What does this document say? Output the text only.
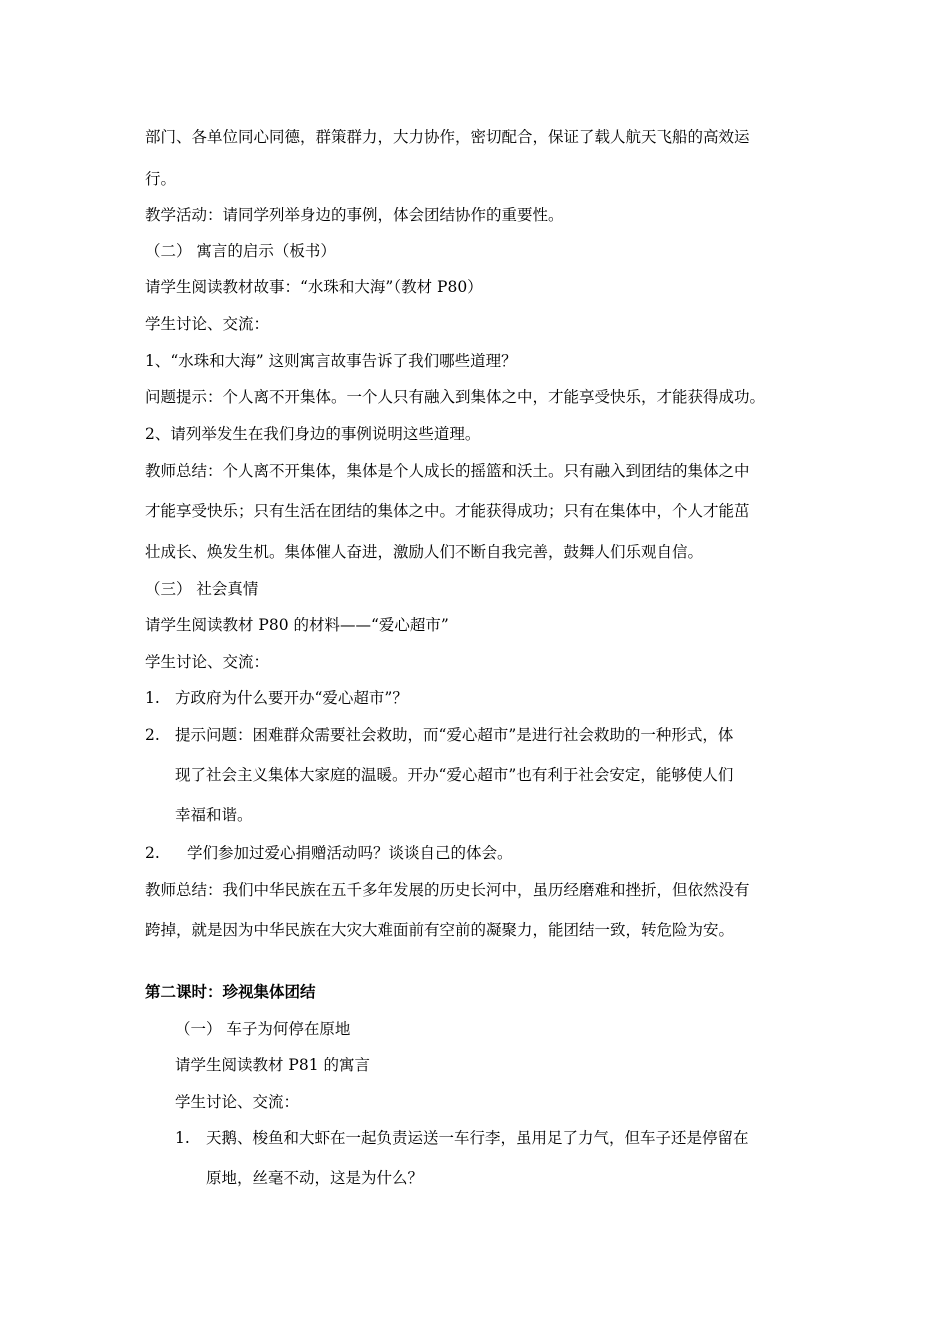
部门、各单位同心同德，群策群力，大力协作，密切配合，保证了载人航天飞船的高效运
行。
教学活动：请同学列举身边的事例，体会团结协作的重要性。
（二） 寓言的启示（板书）
请学生阅读教材故事：“水珠和大海”（教材 P80）
学生讨论、交流：
1、“水珠和大海” 这则寓言故事告诉了我们哪些道理？
问题提示：个人离不开集体。一个人只有融入到集体之中，才能享受快乐，才能获得成功。
2、请列举发生在我们身边的事例说明这些道理。
教师总结：个人离不开集体，集体是个人成长的摇篮和沃土。只有融入到团结的集体之中
才能享受快乐；只有生活在团结的集体之中。才能获得成功；只有在集体中，个人才能茁
壮成长、焕发生机。集体催人奋进，激励人们不断自我完善，鼓舞人们乐观自信。
（三） 社会真情
请学生阅读教材 P80 的材料——“爱心超市”
学生讨论、交流：
1. 方政府为什么要开办“爱心超市”？
2. 提示问题：困难群众需要社会救助，而“爱心超市”是进行社会救助的一种形式，体
现了社会主义集体大家庭的温暖。开办“爱心超市”也有利于社会安定，能够使人们
幸福和谐。
2. 学们参加过爱心捐赠活动吗？谈谈自己的体会。
教师总结：我们中华民族在五千多年发展的历史长河中，虽历经磨难和挫折，但依然没有
跨掉，就是因为中华民族在大灾大难面前有空前的凝聚力，能团结一致，转危险为安。
第二课时：珍视集体团结
（一） 车子为何停在原地
请学生阅读教材 P81 的寓言
学生讨论、交流：
1. 天鹅、梭鱼和大虾在一起负责运送一车行李，虽用足了力气，但车子还是停留在
原地，丝毫不动，这是为什么？
